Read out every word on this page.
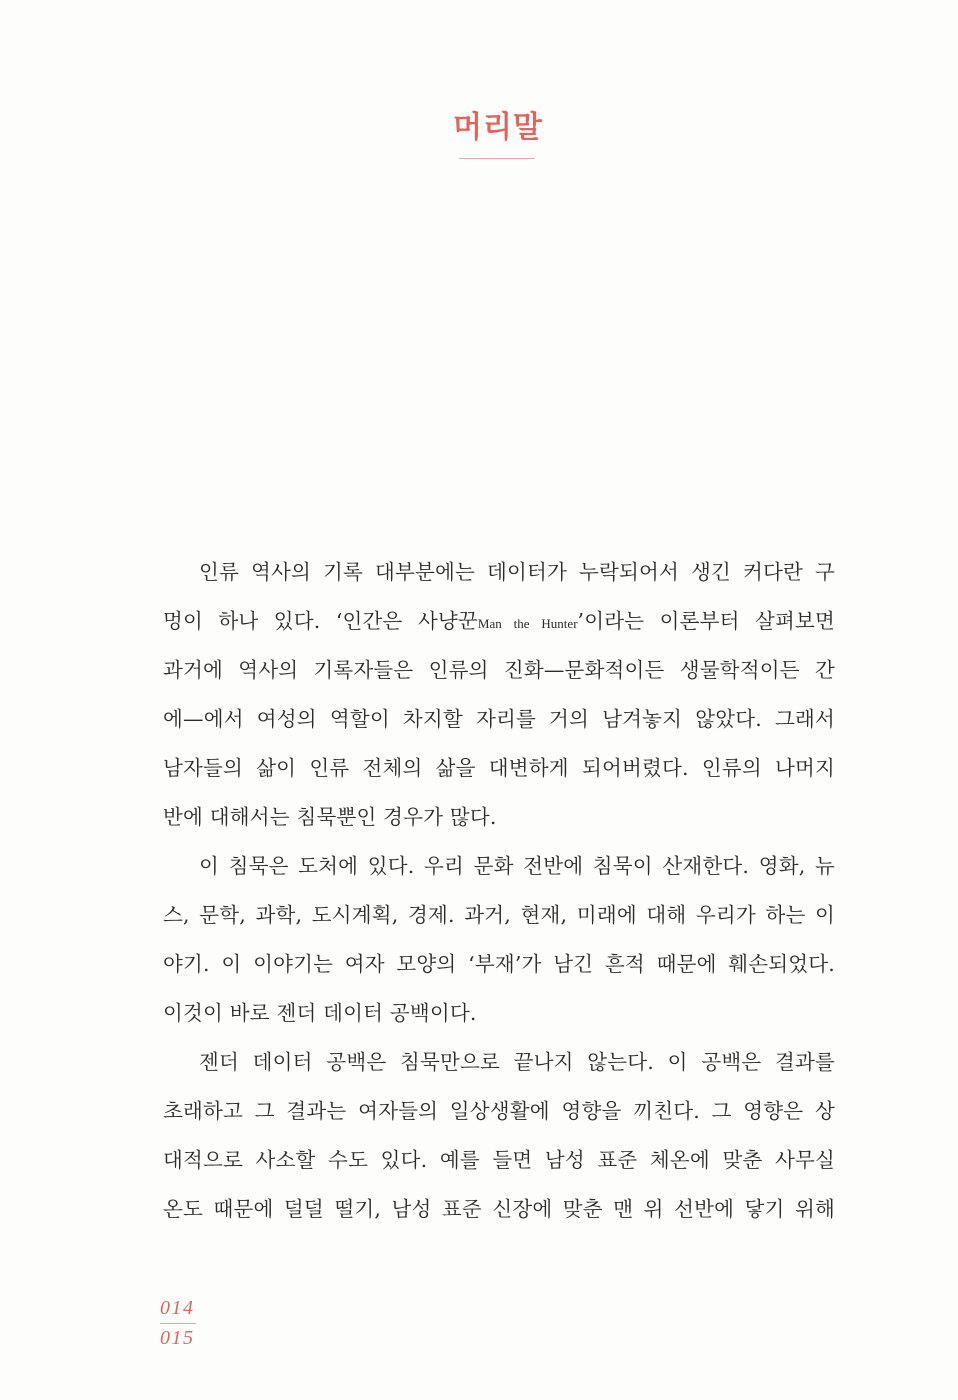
머리말

인류 역사의 기록 대부분에는 데이터가 누락되어서 생긴 커다란 구
멍이 하나 있다. ‘인간은 사냥꾼Man the Hunter’이라는 이론부터 살펴보면
과거에 역사의 기록자들은 인류의 진화—문화적이든 생물학적이든 간
에—에서 여성의 역할이 차지할 자리를 거의 남겨놓지 않았다. 그래서
남자들의 삶이 인류 전체의 삶을 대변하게 되어버렸다. 인류의 나머지
반에 대해서는 침묵뿐인 경우가 많다.

이 침묵은 도처에 있다. 우리 문화 전반에 침묵이 산재한다. 영화, 뉴
스, 문학, 과학, 도시계획, 경제. 과거, 현재, 미래에 대해 우리가 하는 이
야기. 이 이야기는 여자 모양의 ‘부재’가 남긴 흔적 때문에 훼손되었다.
이것이 바로 젠더 데이터 공백이다.

젠더 데이터 공백은 침묵만으로 끝나지 않는다. 이 공백은 결과를
초래하고 그 결과는 여자들의 일상생활에 영향을 끼친다. 그 영향은 상
대적으로 사소할 수도 있다. 예를 들면 남성 표준 체온에 맞춘 사무실
온도 때문에 덜덜 떨기, 남성 표준 신장에 맞춘 맨 위 선반에 닿기 위해

014
015
